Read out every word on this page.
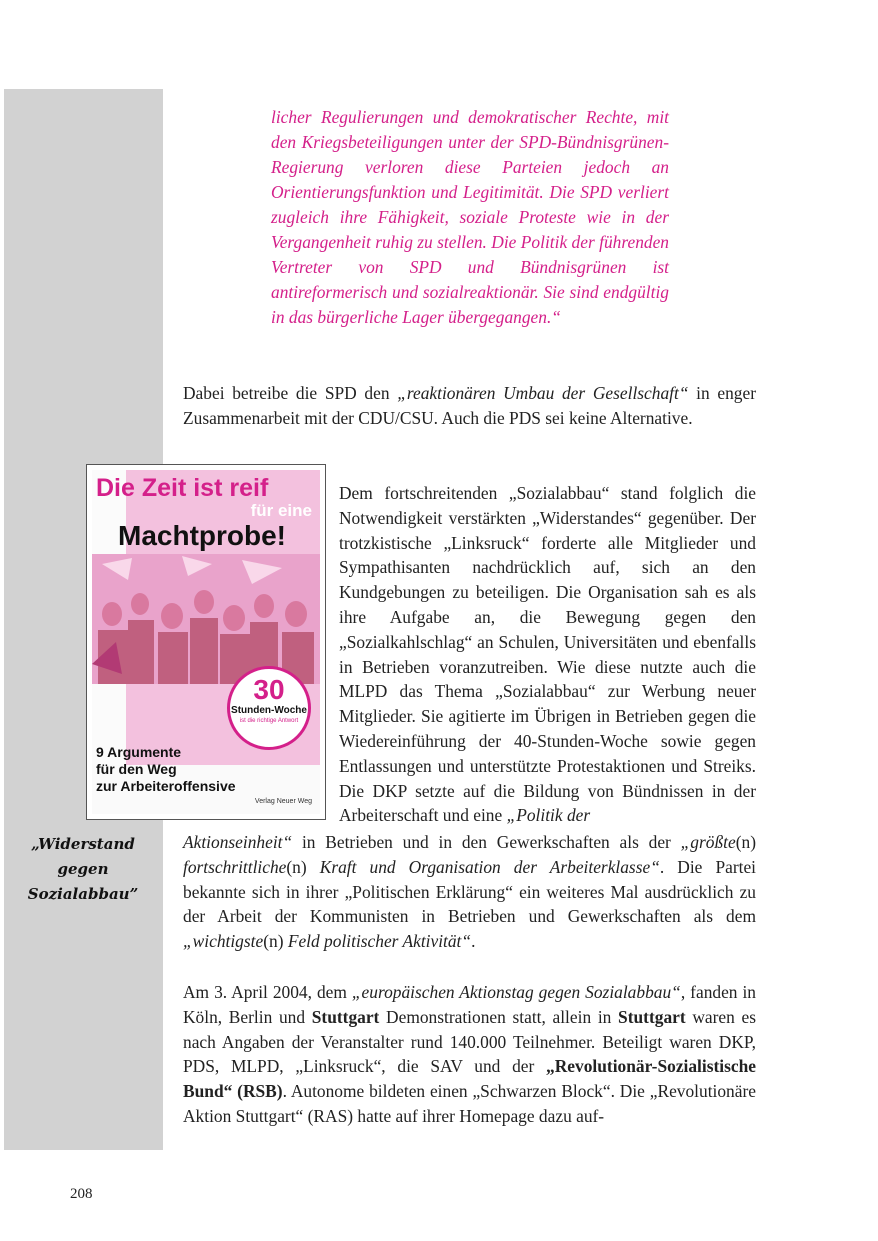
licher Regulierungen und demokratischer Rechte, mit den Kriegsbeteiligungen unter der SPD-Bündnisgrünen-Regierung verloren diese Parteien jedoch an Orientierungsfunktion und Legitimität. Die SPD verliert zugleich ihre Fähigkeit, soziale Proteste wie in der Vergangenheit ruhig zu stellen. Die Politik der führenden Vertreter von SPD und Bündnisgrünen ist antireformerisch und sozialreaktionär. Sie sind endgültig in das bürgerliche Lager übergegangen.“

Dabei betreibe die SPD den „reaktionären Umbau der Gesellschaft“ in enger Zusammenarbeit mit der CDU/CSU. Auch die PDS sei keine Alternative.

Die Zeit ist reif
für eine
Machtprobe!
30
Stunden-Woche
ist die richtige Antwort
9 Argumente
für den Weg
zur Arbeiteroffensive
Verlag Neuer Weg

Dem fortschreitenden „Sozialabbau“ stand folglich die Notwendigkeit verstärkten „Widerstandes“ gegenüber. Der trotzkistische „Linksruck“ forderte alle Mitglieder und Sympathisanten nachdrücklich auf, sich an den Kundgebungen zu beteiligen. Die Organisation sah es als ihre Aufgabe an, die Bewegung gegen den „Sozialkahlschlag“ an Schulen, Universitäten und ebenfalls in Betrieben voranzutreiben. Wie diese nutzte auch die MLPD das Thema „Sozialabbau“ zur Werbung neuer Mitglieder. Sie agitierte im Übrigen in Betrieben gegen die Wiedereinführung der 40-Stunden-Woche sowie gegen Entlassungen und unterstützte Protestaktionen und Streiks. Die DKP setzte auf die Bildung von Bündnissen in der Arbeiterschaft und eine „Politik der

Aktionseinheit“ in Betrieben und in den Gewerkschaften als der „größte(n) fortschrittliche(n) Kraft und Organisation der Arbeiterklasse“. Die Partei bekannte sich in ihrer „Politischen Erklärung“ ein weiteres Mal ausdrücklich zu der Arbeit der Kommunisten in Betrieben und Gewerkschaften als dem „wichtigste(n) Feld politischer Aktivität“.

„Widerstand
gegen
Sozialabbau”

Am 3. April 2004, dem „europäischen Aktionstag gegen Sozialabbau“, fanden in Köln, Berlin und Stuttgart Demonstrationen statt, allein in Stuttgart waren es nach Angaben der Veranstalter rund 140.000 Teilnehmer. Beteiligt waren DKP, PDS, MLPD, „Linksruck“, die SAV und der „Revolutionär-Sozialistische Bund“ (RSB). Autonome bildeten einen „Schwarzen Block“. Die „Revolutionäre Aktion Stuttgart“ (RAS) hatte auf ihrer Homepage dazu auf-

208
